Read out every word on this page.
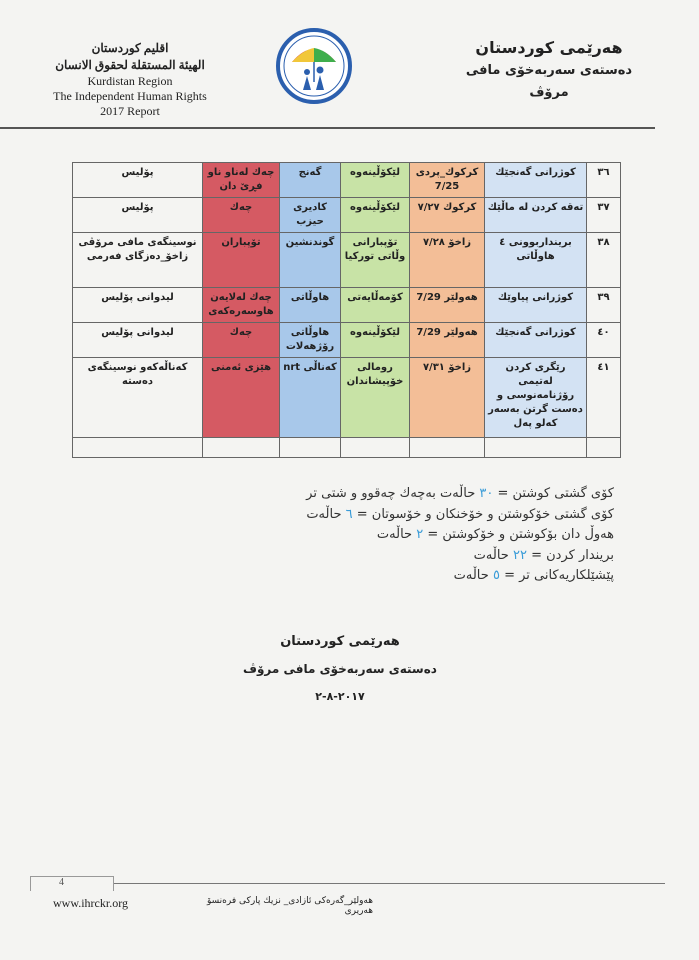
هەرێمی كوردستان
دەستەی سەربەخۆی مافی مرۆڤ
اقليم كوردستان
الهيئة المستقلة لحقوق الانسان
Kurdistan Region
The Independent Human Rights
2017 Report
پۆلیس	چەك لەناو ناو فڕێ دان	گەنج	لێكۆڵینەوە	كركوك_پردی 7/25	كوژرانی گەنجێك	٣٦
پۆلیس	چەك	كادیری حیزب	لێكۆڵینەوە	كركوك ٧/٢٧	تەقە كردن لە ماڵێك	٣٧
نوسینگەی مافی مرۆڤی زاخۆ_دەزگای فەرمی	تۆپباران	گوندنشین	تۆپبارانی وڵاتی توركیا	زاخۆ ٧/٢٨	برینداربوونی ٤ هاوڵاتی	٣٨
لیدوانی پۆلیس	چەك لەلایەن هاوسەرەكەی	هاوڵاتی	كۆمەڵایەتی	هەولێر 7/29	كوژرانی پیاوێك	٣٩
لیدوانی پۆلیس	چەك	هاوڵاتی رۆژهەلات	لێكۆڵینەوە	هەولێر 7/29	كوژرانی گەنجێك	٤٠
كەناڵەكەو نوسینگەی دەستە	هێزی ئەمنی	كەناڵی nrt	رومالی خۆپیشاندان	زاخۆ ٧/٣١	رێگری كردن لەتیمی رۆژنامەنوسی و دەست گرتن بەسەر كەلو پەل	٤١

كۆی گشتی كوشتن = ٣٠ حاڵەت بەچەك چەقوو و شتی تر
كۆی گشتی خۆكوشتن و خۆخنكان و خۆسوتان = ٦ حاڵەت
هەوڵ دان بۆكوشتن و خۆكوشتن = ٢ حاڵەت
بریندار كردن = ٢٢ حاڵەت
پێشێلكاریەكانی تر = ٥ حاڵەت
هەرێمی كوردستان
دەستەی سەربەخۆی مافی مرۆڤ
٢٠١٧-٨-٢
4
www.ihrckr.org	هەولێر_گەرەكی ئازادی_ نزیك پاركی فرەنسۆ هەریری
